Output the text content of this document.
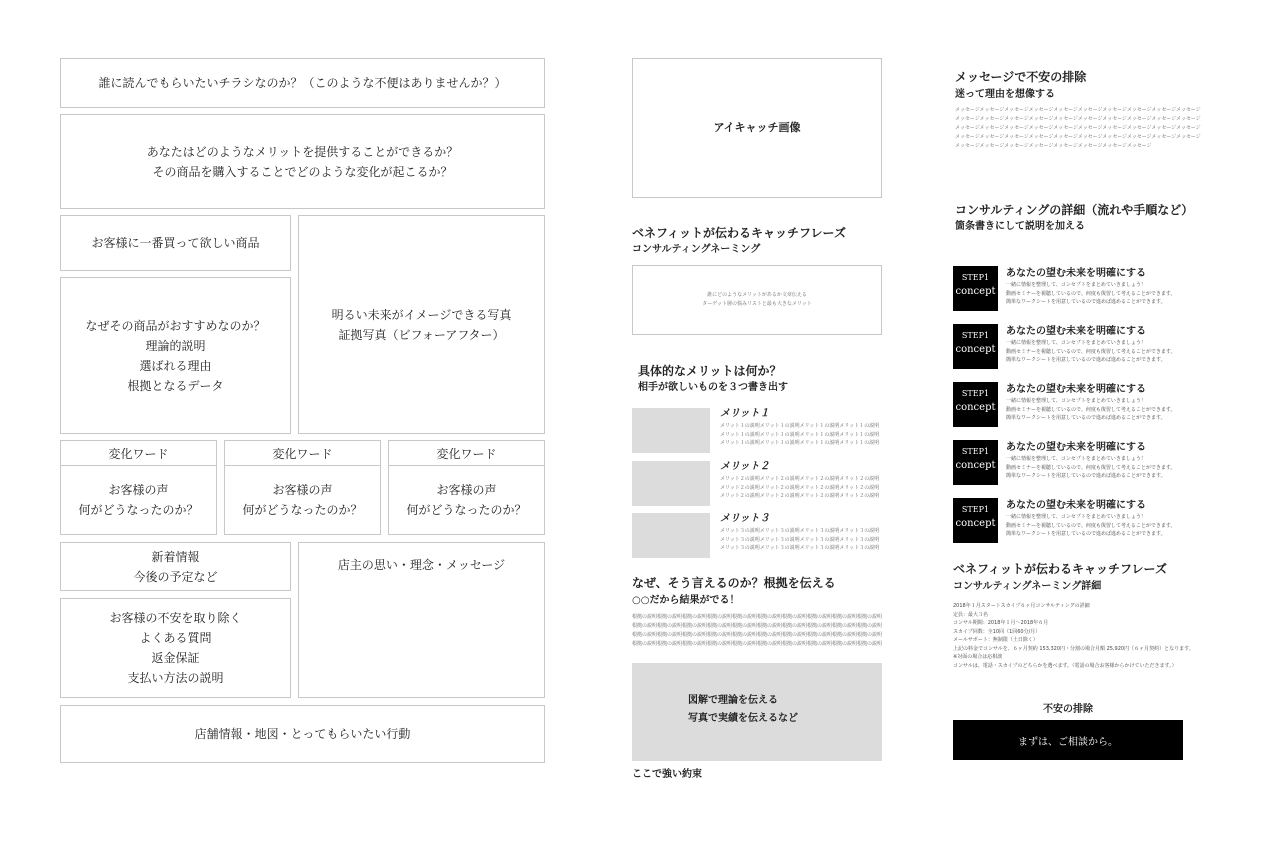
誰に読んでもらいたいチラシなのか？（このような不便はありませんか？）
あなたはどのようなメリットを提供することができるか？
その商品を購入することでどのような変化が起こるか？
お客様に一番買って欲しい商品
なぜその商品がおすすめなのか？
理論的説明
選ばれる理由
根拠となるデータ
明るい未来がイメージできる写真
証拠写真（ビフォーアフター）
変化ワード
お客様の声
何がどうなったのか？
変化ワード
お客様の声
何がどうなったのか？
変化ワード
お客様の声
何がどうなったのか？
新着情報
今後の予定など
お客様の不安を取り除く
よくある質問
返金保証
支払い方法の説明
店主の思い・理念・メッセージ
店舗情報・地図・とってもらいたい行動
アイキャッチ画像
ベネフィットが伝わるキャッチフレーズ
コンサルティングネーミング
誰にどのようなメリットがあるか文章伝える
ターゲット層の悩みリストと最も大きなメリット
具体的なメリットは何か？
相手が欲しいものを３つ書き出す
メリット１
メリット１の説明メリット１の説明メリット１の説明メリット１の説明メリット１の説明メリット１の説明メリット１の説明メリット１の説明メリット１の説明メリット１の説明メリット１の説明メリット１の説明
メリット２
メリット２の説明メリット２の説明メリット２の説明メリット２の説明メリット２の説明メリット２の説明メリット２の説明メリット２の説明メリット２の説明メリット２の説明メリット２の説明メリット２の説明
メリット３
メリット３の説明メリット３の説明メリット３の説明メリット３の説明メリット３の説明メリット３の説明メリット３の説明メリット３の説明メリット３の説明メリット３の説明メリット３の説明メリット３の説明
なぜ、そう言えるのか？根拠を伝える
○○だから結果がでる！
根拠の説明根拠の説明根拠の説明根拠の説明根拠の説明根拠の説明根拠の説明根拠の説明根拠の説明根拠の説明根拠の説明根拠の説明根拠の説明根拠の説明根拠の説明根拠の説明根拠の説明根拠の説明根拠の説明根拠の説明根拠の説明根拠の説明根拠の説明根拠の説明根拠の説明根拠の説明根拠の説明根拠の説明根拠の説明根拠の説明根拠の説明根拠の説明根拠の説明根拠の説明根拠の説明根拠の説明根拠の説明根拠の説明根拠の説明根拠の説明
図解で理論を伝える
写真で実績を伝えるなど
ここで強い約束
メッセージで不安の排除
迷って理由を想像する
メッセージメッセージメッセージメッセージメッセージメッセージメッセージメッセージメッセージメッセージメッセージメッセージメッセージメッセージメッセージメッセージメッセージメッセージメッセージメッセージメッセージメッセージメッセージメッセージメッセージメッセージメッセージメッセージメッセージメッセージメッセージメッセージメッセージメッセージメッセージメッセージメッセージメッセージメッセージメッセージメッセージメッセージメッセージメッセージメッセージメッセージメッセージメッセージ
コンサルティングの詳細（流れや手順など）
箇条書きにして説明を加える
STEP1
concept
あなたの望む未来を明確にする
一緒に情報を整理して、コンセプトをまとめていきましょう！
動画セミナーを視聴しているので、何度も復習して考えることができます。
簡単なワークシートを用意しているので進めば進めることができます。
STEP1
concept
あなたの望む未来を明確にする
一緒に情報を整理して、コンセプトをまとめていきましょう！
動画セミナーを視聴しているので、何度も復習して考えることができます。
簡単なワークシートを用意しているので進めば進めることができます。
STEP1
concept
あなたの望む未来を明確にする
一緒に情報を整理して、コンセプトをまとめていきましょう！
動画セミナーを視聴しているので、何度も復習して考えることができます。
簡単なワークシートを用意しているので進めば進めることができます。
STEP1
concept
あなたの望む未来を明確にする
一緒に情報を整理して、コンセプトをまとめていきましょう！
動画セミナーを視聴しているので、何度も復習して考えることができます。
簡単なワークシートを用意しているので進めば進めることができます。
STEP1
concept
あなたの望む未来を明確にする
一緒に情報を整理して、コンセプトをまとめていきましょう！
動画セミナーを視聴しているので、何度も復習して考えることができます。
簡単なワークシートを用意しているので進めば進めることができます。
ベネフィットが伝わるキャッチフレーズ
コンサルティングネーミング詳細
2018年１月スタートスカイプ６ヶ月コンサルティングの詳細
定員：最大３名
コンサル期間：2018年１月〜2018年６月
スカイプ回数：全10回（1回60分/月）
メールサポート：無制限（土日除く）
上記の料金でコンサルを、６ヶ月契約 153,320円・分割の場合月額 25,920円（６ヶ月契約）となります。
※対面の場合は応相談
コンサルは、電話・スカイプのどちらかを選べます。（電話の場合お客様からかけていただきます。）
不安の排除
まずは、ご相談から。
